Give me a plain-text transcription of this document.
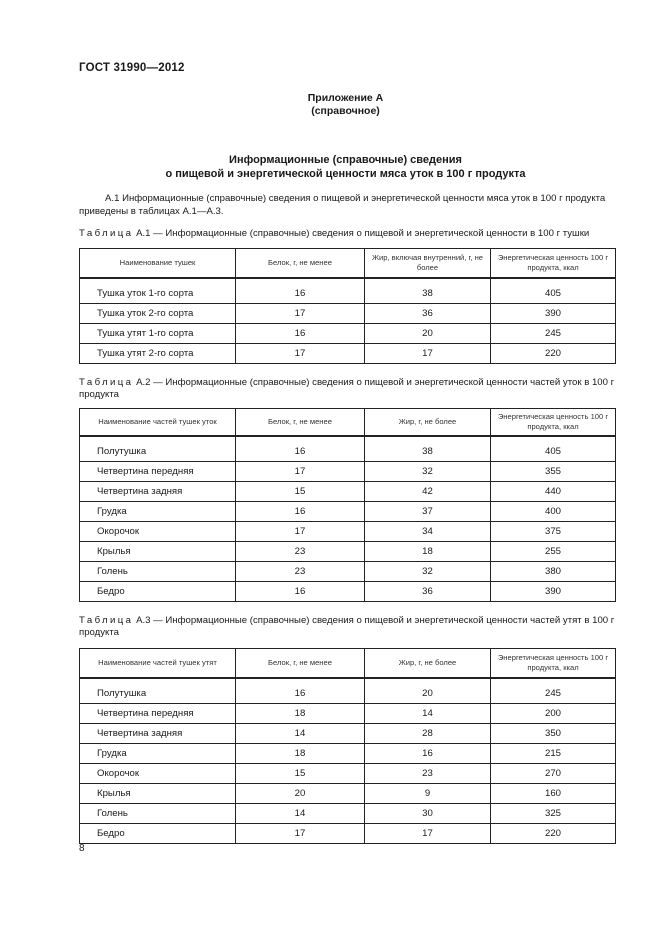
ГОСТ 31990—2012
Приложение А
(справочное)
Информационные (справочные) сведения
о пищевой и энергетической ценности мяса уток в 100 г продукта
А.1 Информационные (справочные) сведения о пищевой и энергетической ценности мяса уток в 100 г продукта приведены в таблицах А.1—А.3.
Таблица А.1 — Информационные (справочные) сведения о пищевой и энергетической ценности в 100 г тушки
Наименование тушек	Белок, г, не менее	Жир, включая внутренний, г, не более	Энергетическая ценность 100 г продукта, ккал

Тушка уток 1-го сорта	16	38	405
Тушка уток 2-го сорта	17	36	390
Тушка утят 1-го сорта	16	20	245
Тушка утят 2-го сорта	17	17	220
Таблица А.2 — Информационные (справочные) сведения о пищевой и энергетической ценности частей уток в 100 г продукта
Наименование частей тушек уток	Белок, г, не менее	Жир, г, не более	Энергетическая ценность 100 г продукта, ккал

Полутушка	16	38	405
Четвертина передняя	17	32	355
Четвертина задняя	15	42	440
Грудка	16	37	400
Окорочок	17	34	375
Крылья	23	18	255
Голень	23	32	380
Бедро	16	36	390
Таблица А.3 — Информационные (справочные) сведения о пищевой и энергетической ценности частей утят в 100 г продукта
Наименование частей тушек утят	Белок, г, не менее	Жир, г, не более	Энергетическая ценность 100 г продукта, ккал

Полутушка	16	20	245
Четвертина передняя	18	14	200
Четвертина задняя	14	28	350
Грудка	18	16	215
Окорочок	15	23	270
Крылья	20	9	160
Голень	14	30	325
Бедро	17	17	220
8
